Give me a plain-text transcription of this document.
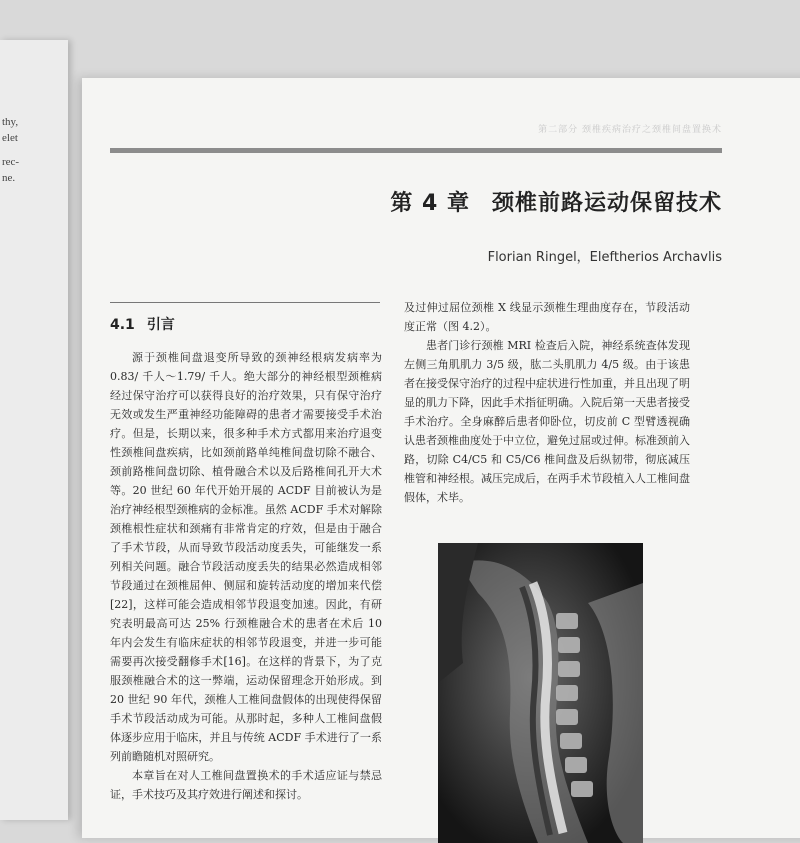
thy,
elet
rec-
ne.
第二部分 颈椎疾病治疗之颈椎间盘置换术
第 4 章 颈椎前路运动保留技术
Florian Ringel，Eleftherios Archavlis
4.1 引言

源于颈椎间盘退变所导致的颈神经根病发病率为 0.83/ 千人～1.79/ 千人。绝大部分的神经根型颈椎病经过保守治疗可以获得良好的治疗效果，只有保守治疗无效或发生严重神经功能障碍的患者才需要接受手术治疗。但是，长期以来，很多种手术方式都用来治疗退变性颈椎间盘疾病，比如颈前路单纯椎间盘切除不融合、颈前路椎间盘切除、植骨融合术以及后路椎间孔开大术等。20 世纪 60 年代开始开展的 ACDF 目前被认为是治疗神经根型颈椎病的金标准。虽然 ACDF 手术对解除颈椎根性症状和颈痛有非常肯定的疗效，但是由于融合了手术节段，从而导致节段活动度丢失，可能继发一系列相关问题。融合节段活动度丢失的结果必然造成相邻节段通过在颈椎屈伸、侧屈和旋转活动度的增加来代偿[22]，这样可能会造成相邻节段退变加速。因此，有研究表明最高可达 25% 行颈椎融合术的患者在术后 10 年内会发生有临床症状的相邻节段退变，并进一步可能需要再次接受翻修手术[16]。在这样的背景下，为了克服颈椎融合术的这一弊端，运动保留理念开始形成。到 20 世纪 90 年代，颈椎人工椎间盘假体的出现使得保留手术节段活动成为可能。从那时起，多种人工椎间盘假体逐步应用于临床，并且与传统 ACDF 手术进行了一系列前瞻随机对照研究。

本章旨在对人工椎间盘置换术的手术适应证与禁忌证，手术技巧及其疗效进行阐述和探讨。

及过伸过屈位颈椎 X 线显示颈椎生理曲度存在，节段活动度正常（图 4.2）。

患者门诊行颈椎 MRI 检查后入院，神经系统查体发现左侧三角肌肌力 3/5 级，肱二头肌肌力 4/5 级。由于该患者在接受保守治疗的过程中症状进行性加重，并且出现了明显的肌力下降，因此手术指征明确。入院后第一天患者接受手术治疗。全身麻醉后患者仰卧位，切皮前 C 型臂透视确认患者颈椎曲度处于中立位，避免过屈或过伸。标准颈前入路，切除 C4/C5 和 C5/C6 椎间盘及后纵韧带，彻底减压椎管和神经根。减压完成后，在两手术节段植入人工椎间盘假体，术毕。
